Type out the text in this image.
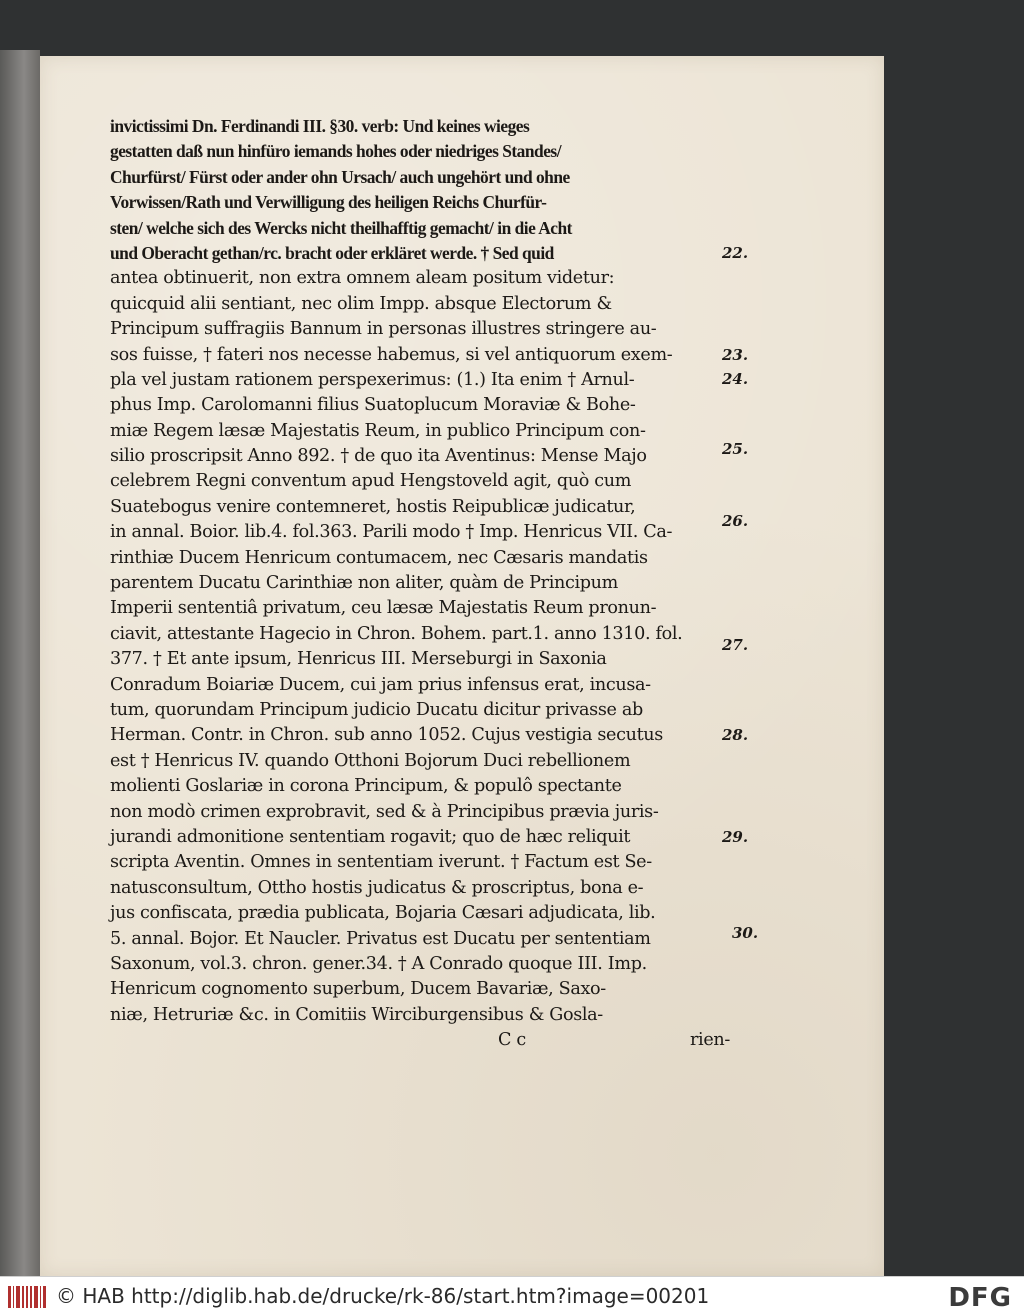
invictissimi Dn. Ferdinandi III. §30. verb: Und keines wieges
gestatten daß nun hinfüro iemands hohes oder niedriges Standes/
Churfürst/ Fürst oder ander ohn Ursach/ auch ungehört und ohne
Vorwissen/Rath und Verwilligung des heiligen Reichs Churfür-
sten/ welche sich des Wercks nicht theilhafftig gemacht/ in die Acht
und Oberacht gethan/rc. bracht oder erkläret werde. † Sed quid
antea obtinuerit, non extra omnem aleam positum videtur:
quicquid alii sentiant, nec olim Impp. absque Electorum &
Principum suffragiis Bannum in personas illustres stringere au-
sos fuisse, † fateri nos necesse habemus, si vel antiquorum exem-
pla vel justam rationem perspexerimus: (1.) Ita enim † Arnul-
phus Imp. Carolomanni filius Suatoplucum Moraviæ & Bohe-
miæ Regem læsæ Majestatis Reum, in publico Principum con-
silio proscripsit Anno 892. † de quo ita Aventinus: Mense Majo
celebrem Regni conventum apud Hengstoveld agit, quò cum
Suatebogus venire contemneret, hostis Reipublicæ judicatur,
in annal. Boior. lib.4. fol.363. Parili modo † Imp. Henricus VII. Ca-
rinthiæ Ducem Henricum contumacem, nec Cæsaris mandatis
parentem Ducatu Carinthiæ non aliter, quàm de Principum
Imperii sententiâ privatum, ceu læsæ Majestatis Reum pronun-
ciavit, attestante Hagecio in Chron. Bohem. part.1. anno 1310. fol.
377. † Et ante ipsum, Henricus III. Merseburgi in Saxonia
Conradum Boiariæ Ducem, cui jam prius infensus erat, incusa-
tum, quorundam Principum judicio Ducatu dicitur privasse ab
Herman. Contr. in Chron. sub anno 1052. Cujus vestigia secutus
est † Henricus IV. quando Otthoni Bojorum Duci rebellionem
molienti Goslariæ in corona Principum, & populô spectante
non modò crimen exprobravit, sed & à Principibus prævia juris-
jurandi admonitione sententiam rogavit; quo de hæc reliquit
scripta Aventin. Omnes in sententiam iverunt. † Factum est Se-
natusconsultum, Ottho hostis judicatus & proscriptus, bona e-
jus confiscata, prædia publicata, Bojaria Cæsari adjudicata, lib.
5. annal. Bojor. Et Naucler. Privatus est Ducatu per sententiam
Saxonum, vol.3. chron. gener.34. † A Conrado quoque III. Imp.
Henricum cognomento superbum, Ducem Bavariæ, Saxo-
niæ, Hetruriæ &c. in Comitiis Wirciburgensibus & Gosla-
C c	rien-
22.
23.
24.
25.
26.
27.
28.
29.
30.
© HAB http://diglib.hab.de/drucke/rk-86/start.htm?image=00201	DFG
